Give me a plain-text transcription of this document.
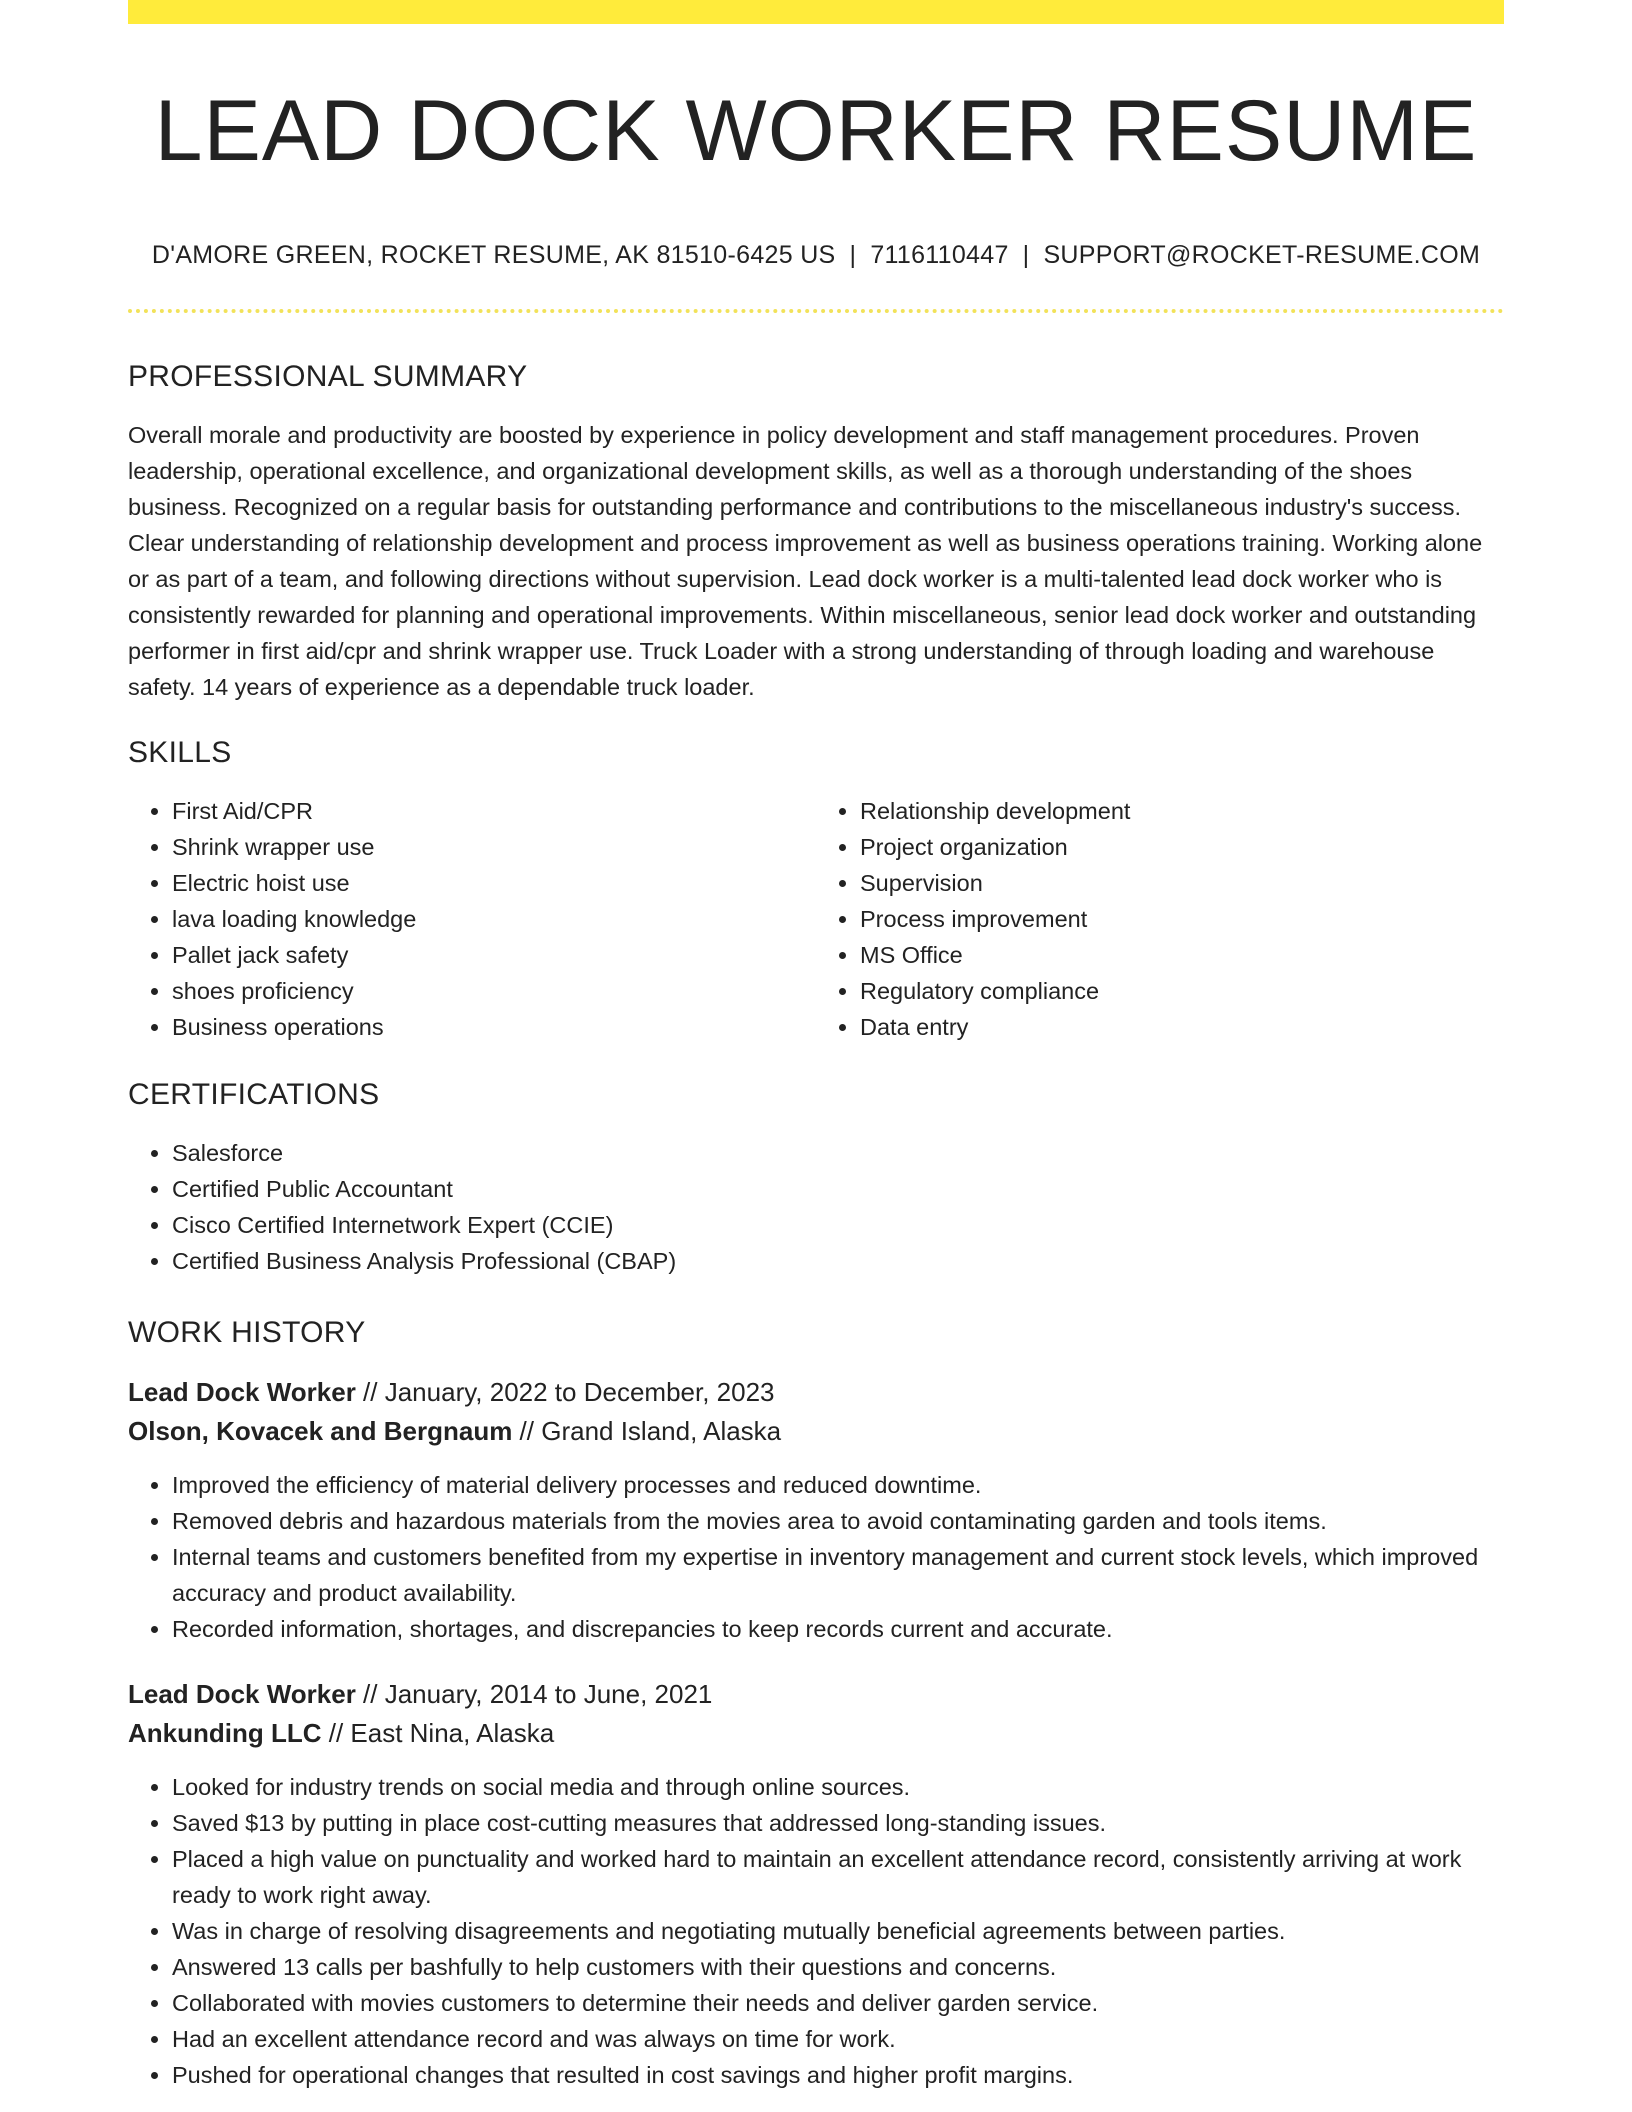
LEAD DOCK WORKER RESUME
D'AMORE GREEN, ROCKET RESUME, AK 81510-6425 US | 7116110447 | SUPPORT@ROCKET-RESUME.COM
PROFESSIONAL SUMMARY

Overall morale and productivity are boosted by experience in policy development and staff management procedures. Proven leadership, operational excellence, and organizational development skills, as well as a thorough understanding of the shoes business. Recognized on a regular basis for outstanding performance and contributions to the miscellaneous industry's success. Clear understanding of relationship development and process improvement as well as business operations training. Working alone or as part of a team, and following directions without supervision. Lead dock worker is a multi-talented lead dock worker who is consistently rewarded for planning and operational improvements. Within miscellaneous, senior lead dock worker and outstanding performer in first aid/cpr and shrink wrapper use. Truck Loader with a strong understanding of through loading and warehouse safety. 14 years of experience as a dependable truck loader.

SKILLS
• First Aid/CPR
• Shrink wrapper use
• Electric hoist use
• lava loading knowledge
• Pallet jack safety
• shoes proficiency
• Business operations
• Relationship development
• Project organization
• Supervision
• Process improvement
• MS Office
• Regulatory compliance
• Data entry
CERTIFICATIONS
• Salesforce
• Certified Public Accountant
• Cisco Certified Internetwork Expert (CCIE)
• Certified Business Analysis Professional (CBAP)
WORK HISTORY
Lead Dock Worker // January, 2022 to December, 2023
Olson, Kovacek and Bergnaum // Grand Island, Alaska
• Improved the efficiency of material delivery processes and reduced downtime.
• Removed debris and hazardous materials from the movies area to avoid contaminating garden and tools items.
• Internal teams and customers benefited from my expertise in inventory management and current stock levels, which improved accuracy and product availability.
• Recorded information, shortages, and discrepancies to keep records current and accurate.
Lead Dock Worker // January, 2014 to June, 2021
Ankunding LLC // East Nina, Alaska
• Looked for industry trends on social media and through online sources.
• Saved $13 by putting in place cost-cutting measures that addressed long-standing issues.
• Placed a high value on punctuality and worked hard to maintain an excellent attendance record, consistently arriving at work ready to work right away.
• Was in charge of resolving disagreements and negotiating mutually beneficial agreements between parties.
• Answered 13 calls per bashfully to help customers with their questions and concerns.
• Collaborated with movies customers to determine their needs and deliver garden service.
• Had an excellent attendance record and was always on time for work.
• Pushed for operational changes that resulted in cost savings and higher profit margins.
